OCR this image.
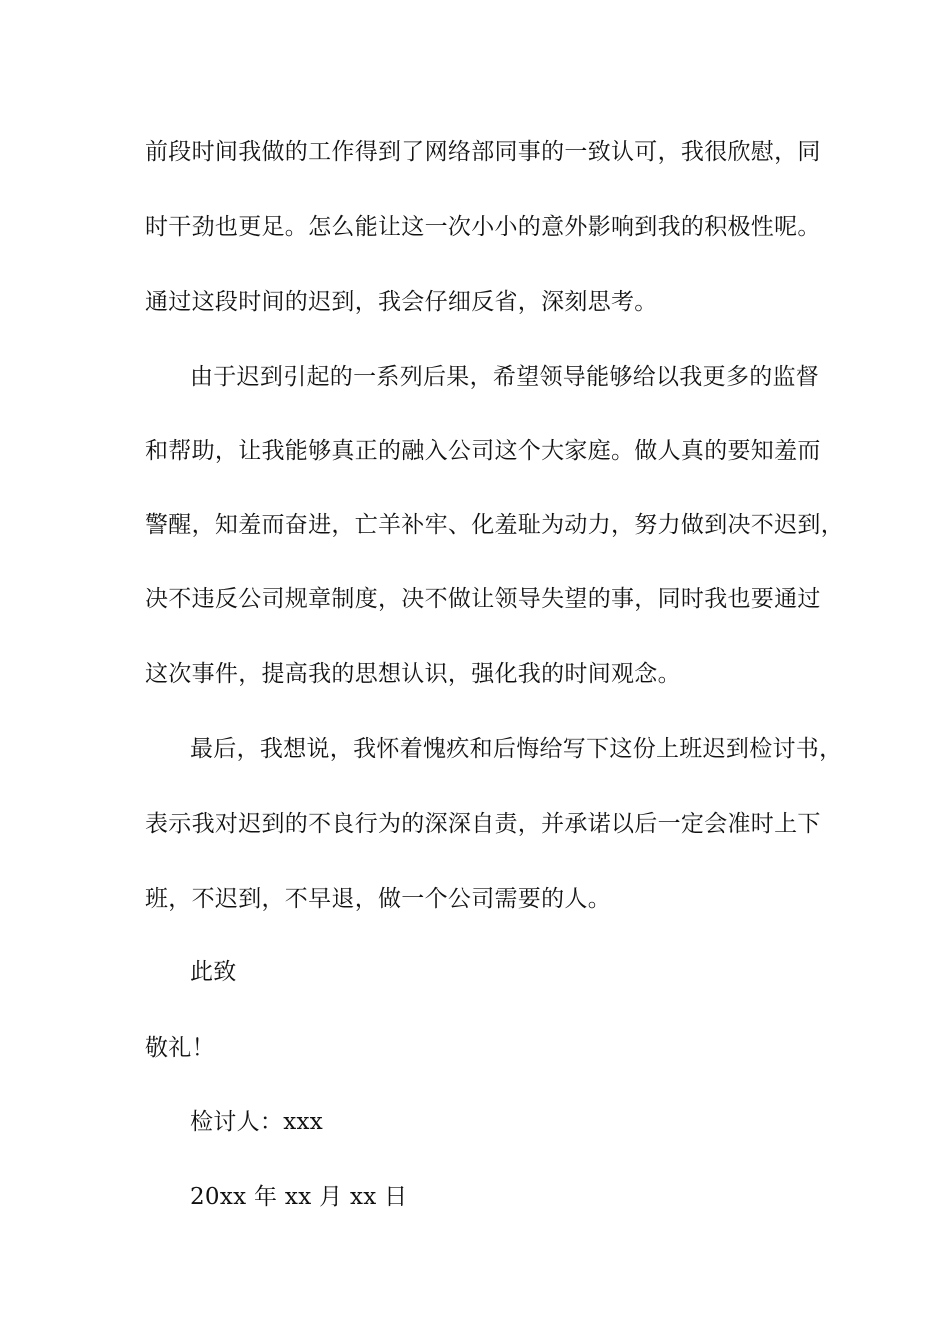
前段时间我做的工作得到了网络部同事的一致认可，我很欣慰，同
时干劲也更足。怎么能让这一次小小的意外影响到我的积极性呢。
通过这段时间的迟到，我会仔细反省，深刻思考。
由于迟到引起的一系列后果，希望领导能够给以我更多的监督
和帮助，让我能够真正的融入公司这个大家庭。做人真的要知羞而
警醒，知羞而奋进，亡羊补牢、化羞耻为动力，努力做到决不迟到，
决不违反公司规章制度，决不做让领导失望的事，同时我也要通过
这次事件，提高我的思想认识，强化我的时间观念。
最后，我想说，我怀着愧疚和后悔给写下这份上班迟到检讨书，
表示我对迟到的不良行为的深深自责，并承诺以后一定会准时上下
班，不迟到，不早退，做一个公司需要的人。
此致
敬礼！
检讨人：xxx
20xx 年 xx 月 xx 日
